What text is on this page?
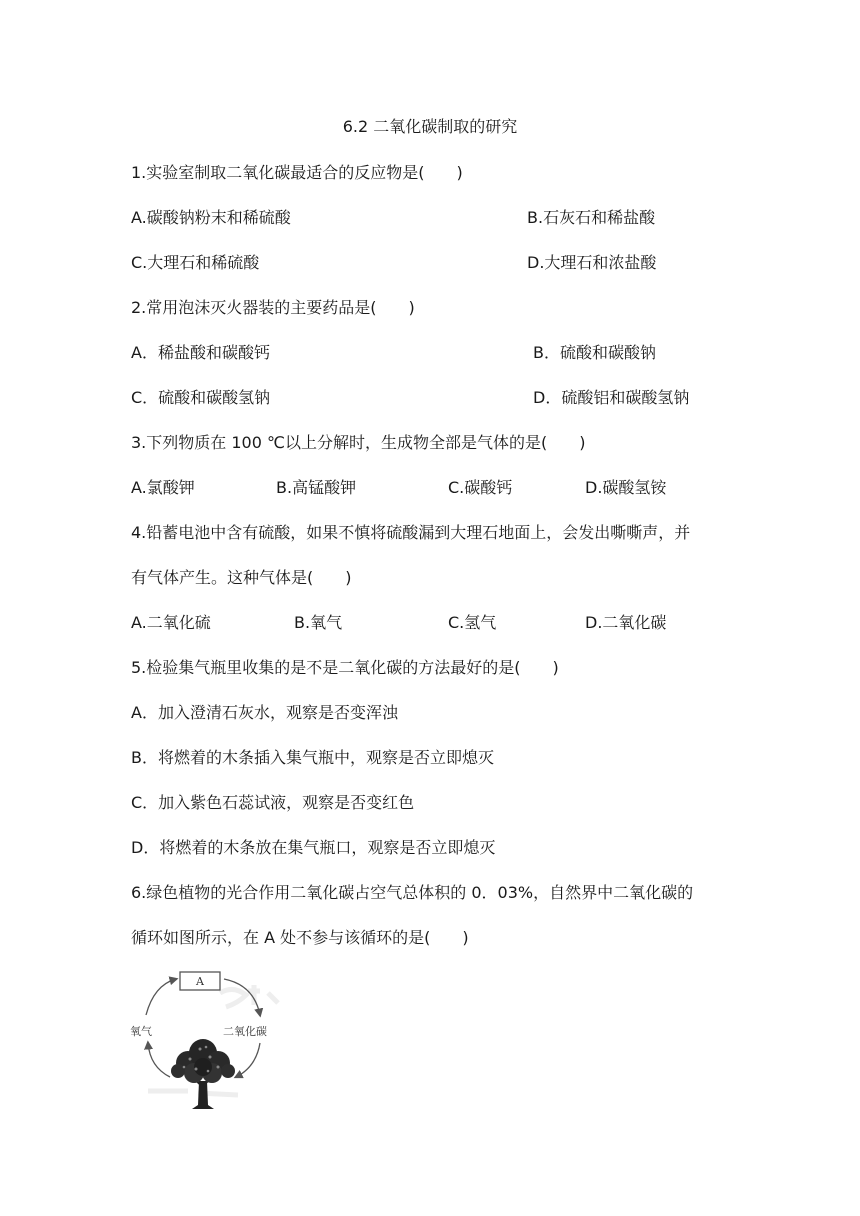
6.2 二氧化碳制取的研究
1.实验室制取二氧化碳最适合的反应物是(　　)
A.碳酸钠粉末和稀硫酸	B.石灰石和稀盐酸
C.大理石和稀硫酸	D.大理石和浓盐酸
2.常用泡沫灭火器装的主要药品是(　　)
A．稀盐酸和碳酸钙	B．硫酸和碳酸钠
C．硫酸和碳酸氢钠	D．硫酸铝和碳酸氢钠
3.下列物质在 100 ℃以上分解时，生成物全部是气体的是(　　)
A.氯酸钾	B.高锰酸钾	C.碳酸钙	D.碳酸氢铵
4.铅蓄电池中含有硫酸，如果不慎将硫酸漏到大理石地面上，会发出嘶嘶声，并
有气体产生。这种气体是(　　)
A.二氧化硫	B.氧气	C.氢气	D.二氧化碳
5.检验集气瓶里收集的是不是二氧化碳的方法最好的是(　　)
A．加入澄清石灰水，观察是否变浑浊
B．将燃着的木条插入集气瓶中，观察是否立即熄灭
C．加入紫色石蕊试液，观察是否变红色
D．将燃着的木条放在集气瓶口，观察是否立即熄灭
6.绿色植物的光合作用二氧化碳占空气总体积的 0．03%，自然界中二氧化碳的
循环如图所示，在 A 处不参与该循环的是(　　)
A
氧气	二氧化碳
